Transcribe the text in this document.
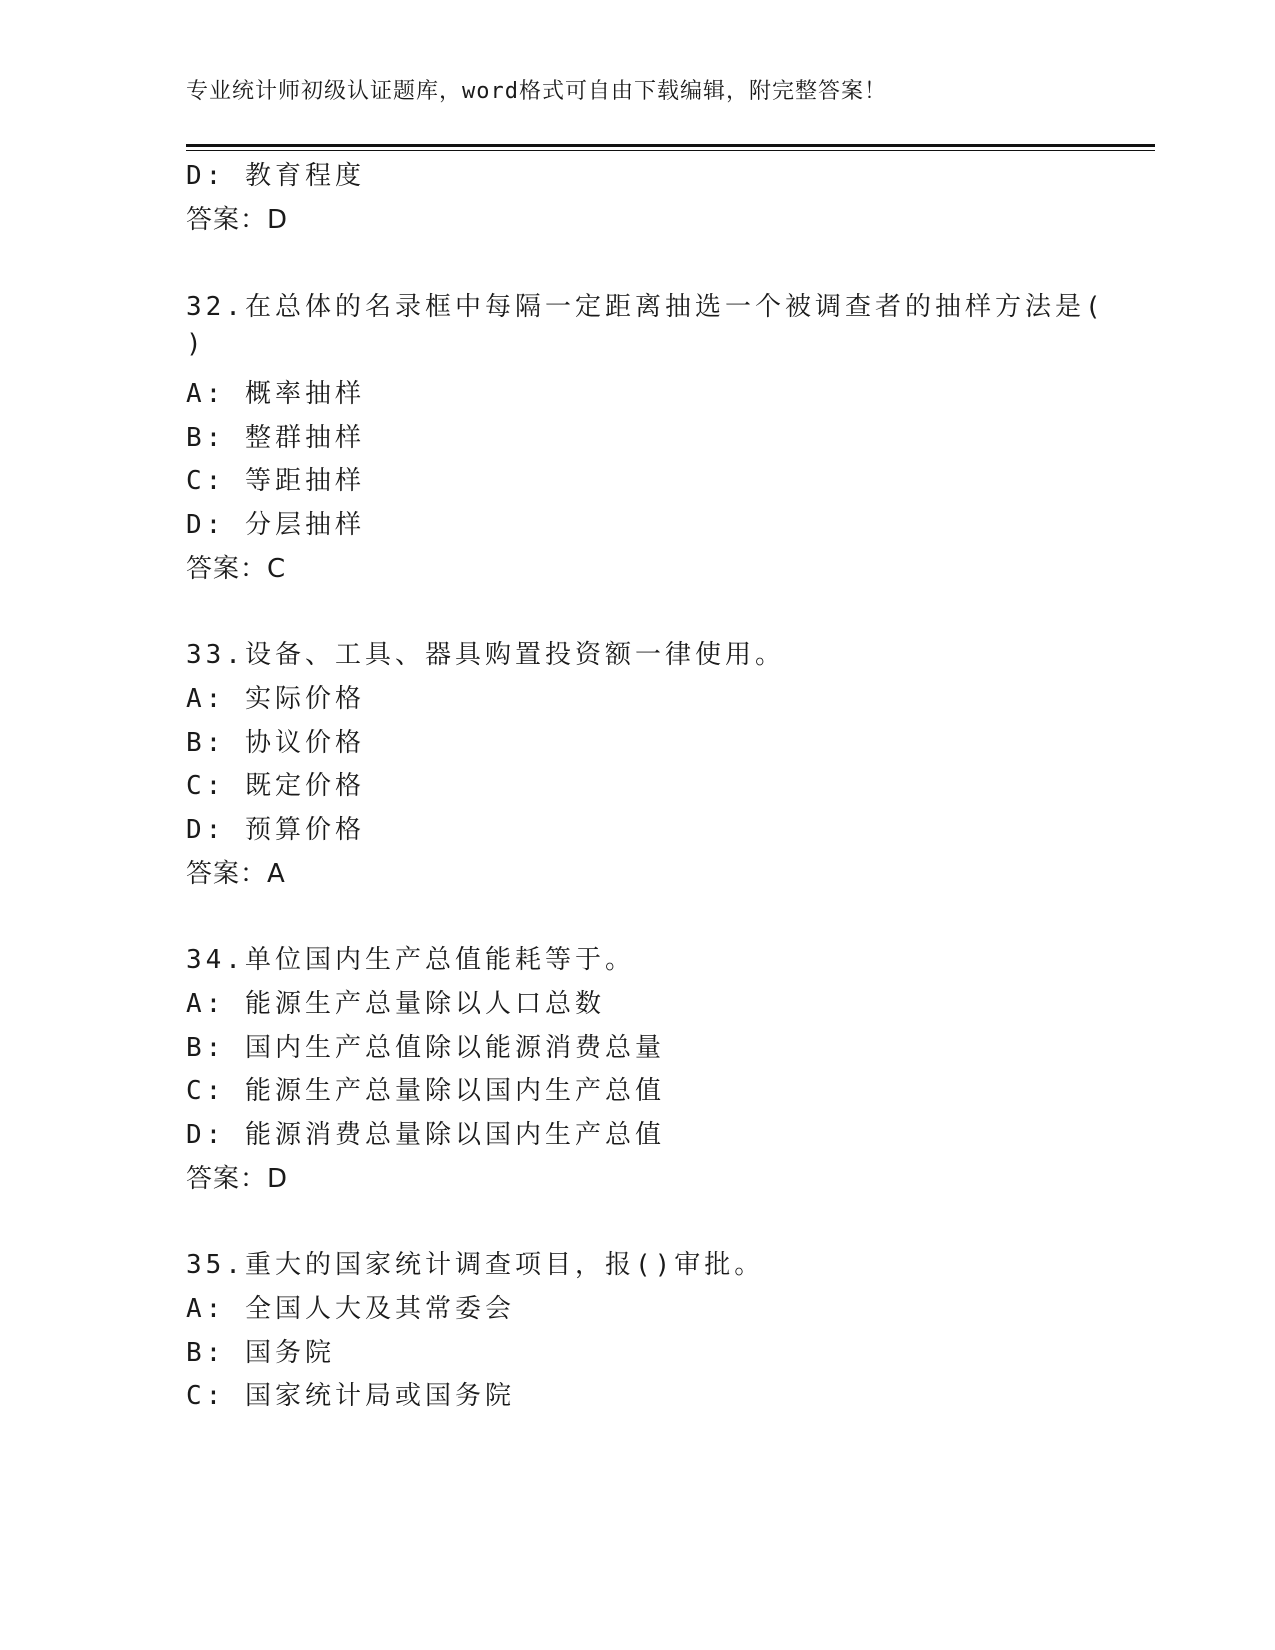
专业统计师初级认证题库，word格式可自由下载编辑，附完整答案！
D: 教育程度
答案：D
32.在总体的名录框中每隔一定距离抽选一个被调查者的抽样方法是(
)
A: 概率抽样
B: 整群抽样
C: 等距抽样
D: 分层抽样
答案：C
33.设备、工具、器具购置投资额一律使用。
A: 实际价格
B: 协议价格
C: 既定价格
D: 预算价格
答案：A
34.单位国内生产总值能耗等于。
A: 能源生产总量除以人口总数
B: 国内生产总值除以能源消费总量
C: 能源生产总量除以国内生产总值
D: 能源消费总量除以国内生产总值
答案：D
35.重大的国家统计调查项目，报()审批。
A: 全国人大及其常委会
B: 国务院
C: 国家统计局或国务院
